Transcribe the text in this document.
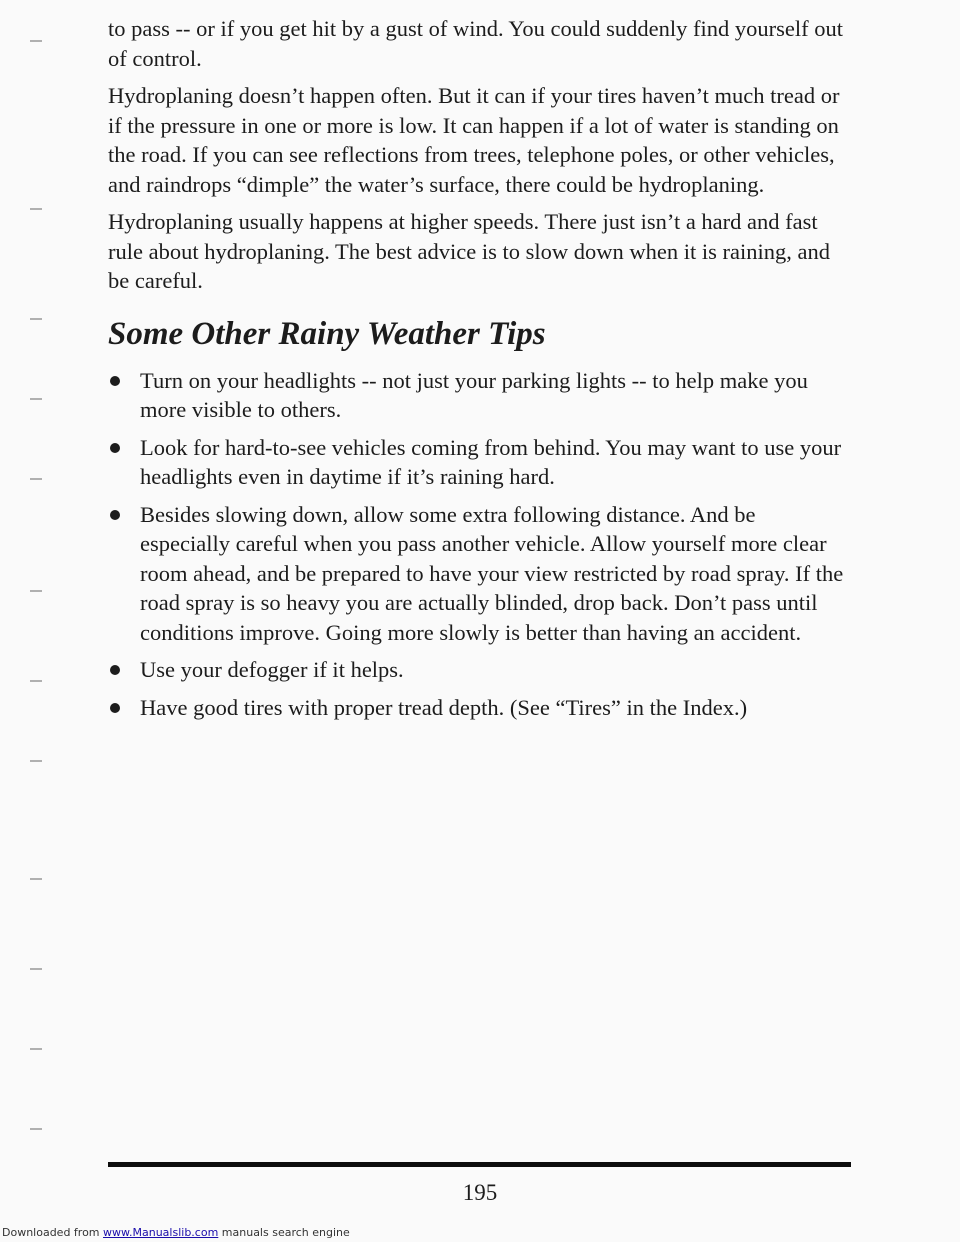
to pass -- or if you get hit by a gust of wind. You could suddenly find yourself out of control.

Hydroplaning doesn’t happen often. But it can if your tires haven’t much tread or if the pressure in one or more is low. It can happen if a lot of water is standing on the road. If you can see reflections from trees, telephone poles, or other vehicles, and raindrops “dimple” the water’s surface, there could be hydroplaning.

Hydroplaning usually happens at higher speeds. There just isn’t a hard and fast rule about hydroplaning. The best advice is to slow down when it is raining, and be careful.

Some Other Rainy Weather Tips
Turn on your headlights -- not just your parking lights -- to help make you more visible to others.
Look for hard-to-see vehicles coming from behind. You may want to use your headlights even in daytime if it’s raining hard.
Besides slowing down, allow some extra following distance. And be especially careful when you pass another vehicle. Allow yourself more clear room ahead, and be prepared to have your view restricted by road spray. If the road spray is so heavy you are actually blinded, drop back. Don’t pass until conditions improve. Going more slowly is better than having an accident.
Use your defogger if it helps.
Have good tires with proper tread depth. (See “Tires” in the Index.)
195
Downloaded from www.Manualslib.com manuals search engine
